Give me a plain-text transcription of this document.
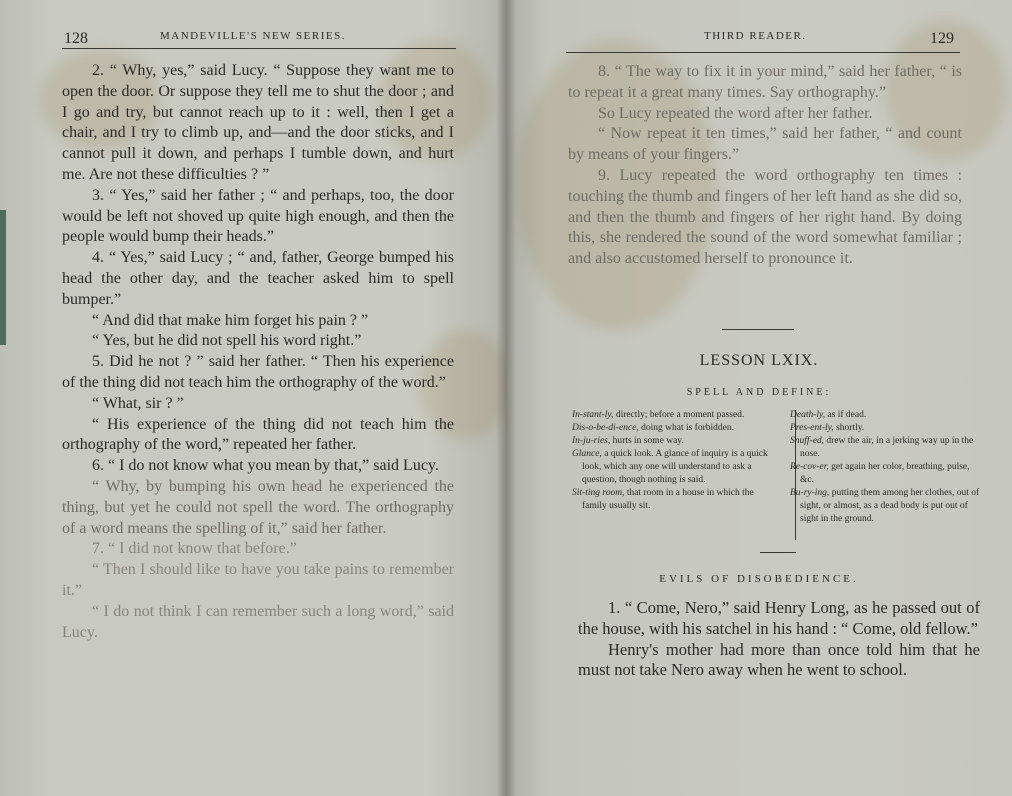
128	MANDEVILLE'S NEW SERIES.

2. “ Why, yes,” said Lucy. “ Suppose they want me to open the door. Or suppose they tell me to shut the door ; and I go and try, but cannot reach up to it : well, then I get a chair, and I try to climb up, and—and the door sticks, and I cannot pull it down, and perhaps I tumble down, and hurt me. Are not these difficulties ? ”

3. “ Yes,” said her father ; “ and perhaps, too, the door would be left not shoved up quite high enough, and then the people would bump their heads.”

4. “ Yes,” said Lucy ; “ and, father, George bumped his head the other day, and the teacher asked him to spell bumper.”

“ And did that make him forget his pain ? ”

“ Yes, but he did not spell his word right.”

5. Did he not ? ” said her father. “ Then his experience of the thing did not teach him the orthography of the word.”

“ What, sir ? ”

“ His experience of the thing did not teach him the orthography of the word,” repeated her father.

6. “ I do not know what you mean by that,” said Lucy.

“ Why, by bumping his own head he experienced the thing, but yet he could not spell the word. The orthography of a word means the spelling of it,” said her father.

7. “ I did not know that before.”

“ Then I should like to have you take pains to remember it.”

“ I do not think I can remember such a long word,” said Lucy.

THIRD READER.	129

8. “ The way to fix it in your mind,” said her father, “ is to repeat it a great many times. Say orthography.”

So Lucy repeated the word after her father.

“ Now repeat it ten times,” said her father, “ and count by means of your fingers.”

9. Lucy repeated the word orthography ten times : touching the thumb and fingers of her left hand as she did so, and then the thumb and fingers of her right hand. By doing this, she rendered the sound of the word somewhat familiar ; and also accustomed herself to pronounce it.

LESSON LXIX.
SPELL AND DEFINE:
In-stant-ly, directly; before a moment passed.
Dis-o-be-di-ence, doing what is forbidden.
In-ju-ries, hurts in some way.
Glance, a quick look. A glance of inquiry is a quick look, which any one will understand to ask a question, though nothing is said.
Sit-ting room, that room in a house in which the family usually sit.
Death-ly, as if dead.
Pres-ent-ly, shortly.
Snuff-ed, drew the air, in a jerking way up in the nose.
Re-cov-er, get again her color, breathing, pulse, &c.
Bu-ry-ing, putting them among her clothes, out of sight, or almost, as a dead body is put out of sight in the ground.
EVILS OF DISOBEDIENCE.

1. “ Come, Nero,” said Henry Long, as he passed out of the house, with his satchel in his hand : “ Come, old fellow.”

Henry's mother had more than once told him that he must not take Nero away when he went to school.
